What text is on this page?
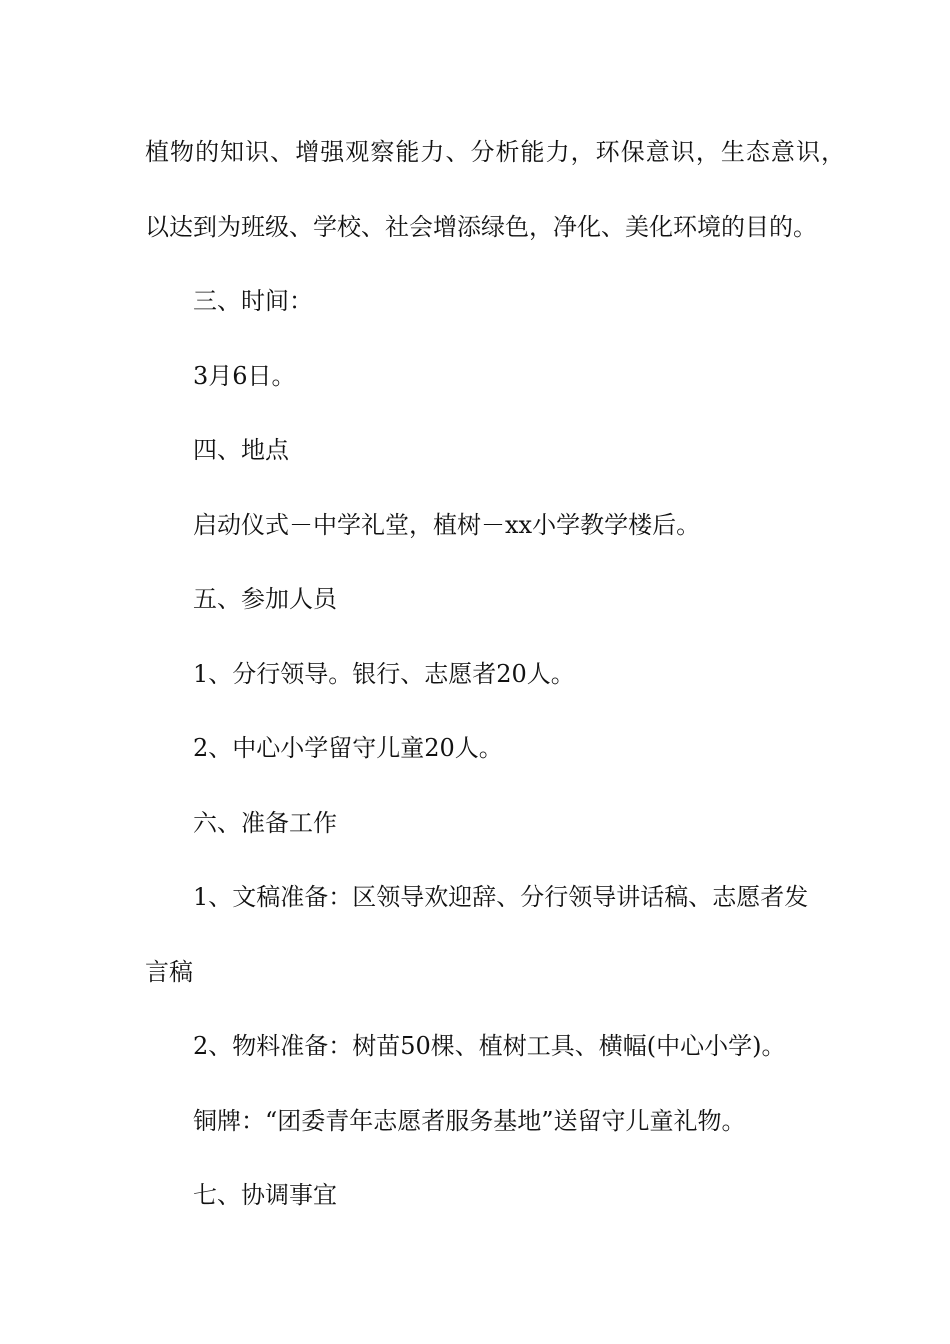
植物的知识、增强观察能力、分析能力，环保意识，生态意识，
以达到为班级、学校、社会增添绿色，净化、美化环境的目的。
三、时间：
3月6日。
四、地点
启动仪式－中学礼堂，植树－xx小学教学楼后。
五、参加人员
1、分行领导。银行、志愿者20人。
2、中心小学留守儿童20人。
六、准备工作
1、文稿准备：区领导欢迎辞、分行领导讲话稿、志愿者发
言稿
2、物料准备：树苗50棵、植树工具、横幅(中心小学)。
铜牌：“团委青年志愿者服务基地”送留守儿童礼物。
七、协调事宜
